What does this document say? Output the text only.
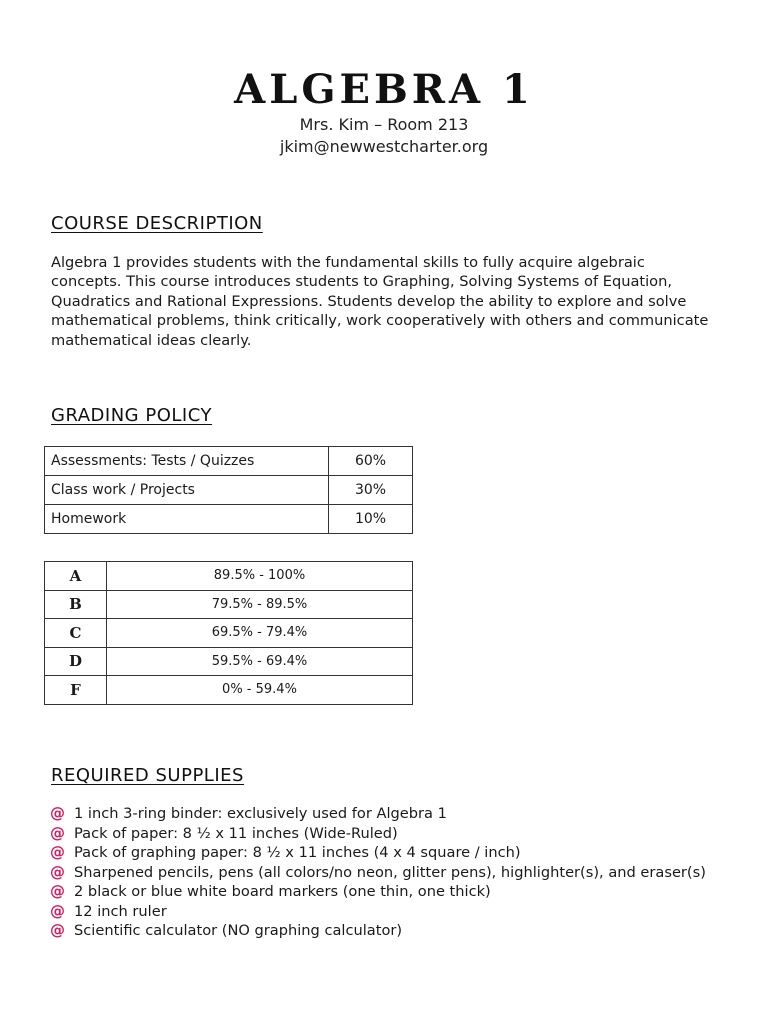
ALGEBRA 1
Mrs. Kim – Room 213
jkim@newwestcharter.org
COURSE DESCRIPTION
Algebra 1 provides students with the fundamental skills to fully acquire algebraic concepts. This course introduces students to Graphing, Solving Systems of Equation, Quadratics and Rational Expressions. Students develop the ability to explore and solve mathematical problems, think critically, work cooperatively with others and communicate mathematical ideas clearly.
GRADING POLICY
Assessments: Tests / Quizzes	60%
Class work / Projects	30%
Homework	10%
A	89.5% - 100%
B	79.5% - 89.5%
C	69.5% - 79.4%
D	59.5% - 69.4%
F	0% - 59.4%
REQUIRED SUPPLIES
@ 1 inch 3-ring binder: exclusively used for Algebra 1
@ Pack of paper: 8 ½ x 11 inches (Wide-Ruled)
@ Pack of graphing paper: 8 ½ x 11 inches (4 x 4 square / inch)
@ Sharpened pencils, pens (all colors/no neon, glitter pens), highlighter(s), and eraser(s)
@ 2 black or blue white board markers (one thin, one thick)
@ 12 inch ruler
@ Scientific calculator (NO graphing calculator)
